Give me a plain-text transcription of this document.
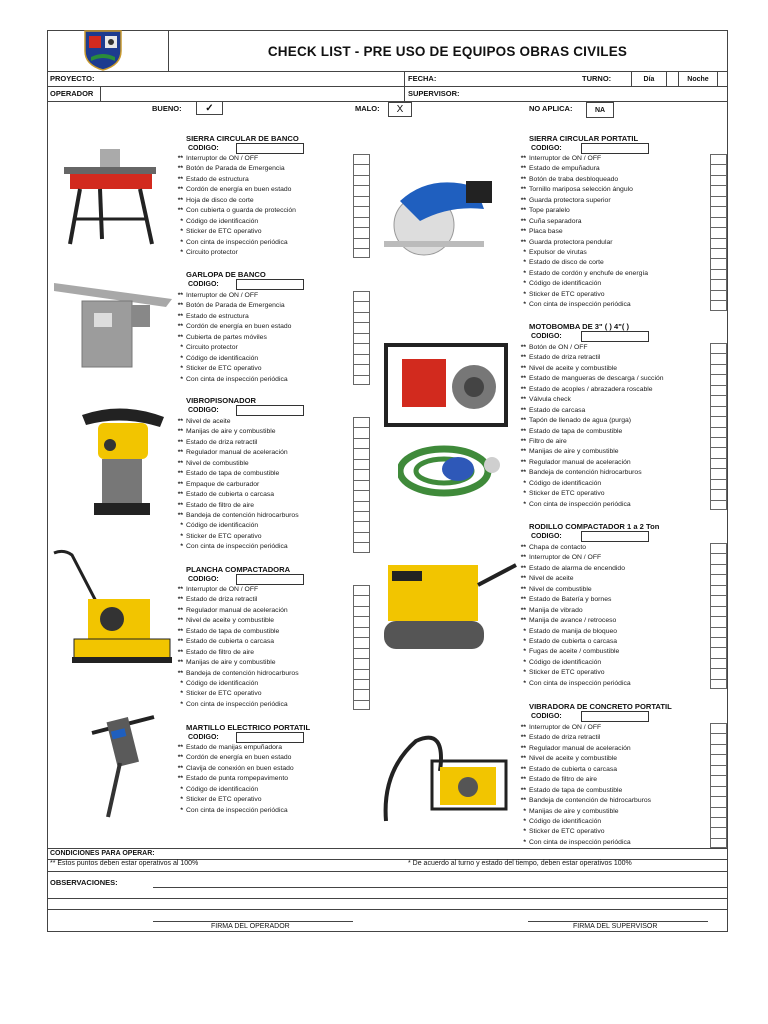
CHECK LIST - PRE USO DE EQUIPOS OBRAS CIVILES
PROYECTO:	FECHA:	TURNO:	Día	Noche
OPERADOR	SUPERVISOR:
BUENO:	✓	MALO:	X	NO APLICA:	NA
SIERRA CIRCULAR DE BANCO
CODIGO:
** Interruptor de ON / OFF
** Botón de Parada de Emergencia
** Estado de estructura
** Cordón de energía en buen estado
** Hoja de disco de corte
** Con cubierta o guarda de protección
* Código de identificación
* Sticker de ETC operativo
* Con cinta de inspección periódica
* Circuito protector
GARLOPA DE BANCO
CODIGO:
** Interruptor de ON / OFF
** Botón de Parada de Emergencia
** Estado de estructura
** Cordón de energía en buen estado
** Cubierta de partes móviles
* Circuito protector
* Código de identificación
* Sticker de ETC operativo
* Con cinta de inspección periódica
VIBROPISONADOR
CODIGO:
** Nivel de aceite
** Manijas de aire y combustible
** Estado de driza retractil
** Regulador manual de aceleración
** Nivel de combustible
** Estado de tapa de combustible
** Empaque de carburador
** Estado de cubierta o carcasa
** Estado de filtro de aire
** Bandeja de contención hidrocarburos
* Código de identificación
* Sticker de ETC operativo
* Con cinta de inspección periódica
PLANCHA COMPACTADORA
CODIGO:
** Interruptor de ON / OFF
** Estado de driza retractil
** Regulador manual de aceleración
** Nivel de aceite y combustible
** Estado de tapa de combustible
** Estado de cubierta o carcasa
** Estado de filtro de aire
** Manijas de aire y combustible
** Bandeja de contención hidrocarburos
* Código de identificación
* Sticker de ETC operativo
* Con cinta de inspección periódica
MARTILLO ELECTRICO PORTATIL
CODIGO:
** Estado de manijas empuñadora
** Cordón de energía en buen estado
** Clavija de conexión en buen estado
** Estado de punta rompepavimento
* Código de identificación
* Sticker de ETC operativo
* Con cinta de inspección periódica
SIERRA CIRCULAR PORTATIL
CODIGO:
** Interruptor de ON / OFF
** Estado de empuñadura
** Botón de traba desbloqueado
** Tornillo mariposa selección ángulo
** Guarda protectora superior
** Tope paralelo
** Cuña separadora
** Placa base
** Guarda protectora pendular
* Expulsor de virutas
* Estado de disco de corte
* Estado de cordón y enchufe de energía
* Código de identificación
* Sticker de ETC operativo
* Con cinta de inspección periódica
MOTOBOMBA DE 3" ( ) 4"( )
CODIGO:
** Botón de ON / OFF
** Estado de driza retractil
** Nivel de aceite y combustible
** Estado de mangueras de descarga / succión
** Estado de acoples / abrazadera roscable
** Válvula check
** Estado de carcasa
** Tapón de llenado de agua (purga)
** Estado de tapa de combustible
** Filtro de aire
** Manijas de aire y combustible
** Regulador manual de aceleración
** Bandeja de contención hidrocarburos
* Código de identificación
* Sticker de ETC operativo
* Con cinta de inspección periódica
RODILLO COMPACTADOR 1 a 2 Ton
CODIGO:
** Chapa de contacto
** Interruptor de ON / OFF
** Estado de alarma de encendido
** Nivel de aceite
** Nivel de combustible
** Estado de Batería y bornes
** Manija de vibrado
** Manija de avance / retroceso
* Estado de manija de bloqueo
* Estado de cubierta o carcasa
* Fugas de aceite / combustible
* Código de identificación
* Sticker de ETC operativo
* Con cinta de inspección periódica
VIBRADORA DE CONCRETO PORTATIL
CODIGO:
** Interruptor de ON / OFF
** Estado de driza retractil
** Regulador manual de aceleración
** Nivel de aceite y combustible
** Estado de cubierta o carcasa
** Estado de filtro de aire
** Estado de tapa de combustible
** Bandeja de contención de hidrocarburos
* Manijas de aire y combustible
* Código de identificación
* Sticker de ETC operativo
* Con cinta de inspección periódica
CONDICIONES PARA OPERAR:
** Estos puntos deben estar operativos al 100%	* De acuerdo al turno y estado del tiempo, deben estar operativos 100%
OBSERVACIONES:
FIRMA DEL OPERADOR	FIRMA DEL SUPERVISOR
